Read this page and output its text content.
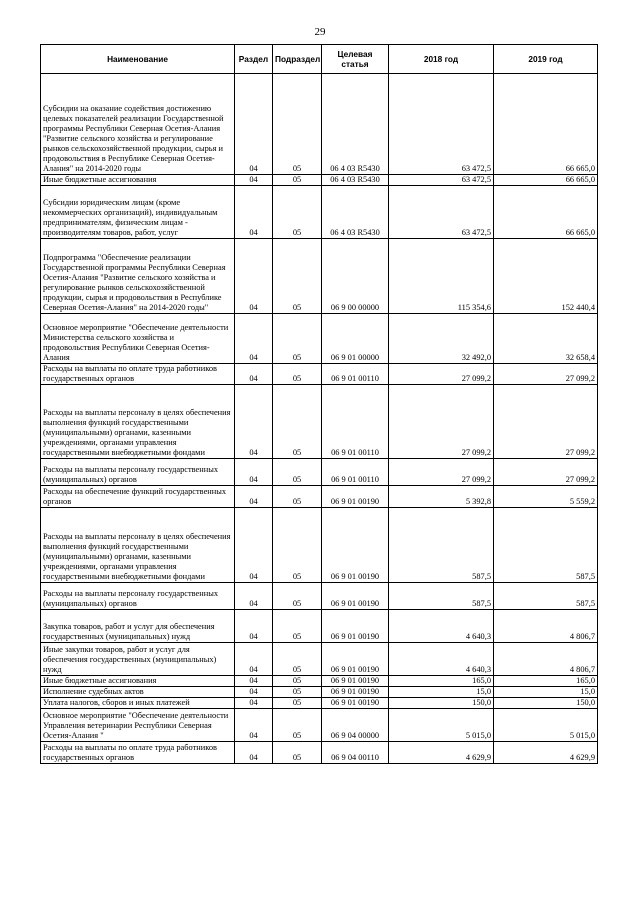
29
Наименование	Раздел	Подраздел	Целевая статья	2018 год	2019 год
Субсидии на оказание содействия достижению целевых показателей реализации Государственной программы Республики Северная Осетия-Алания "Развитие сельского хозяйства и регулирование рынков сельскохозяйственной продукции, сырья и продовольствия в Республике Северная Осетия-Алания" на 2014-2020 годы	04	05	06 4 03 R5430	63 472,5	66 665,0
Иные бюджетные ассигнования	04	05	06 4 03 R5430	63 472,5	66 665,0
Субсидии юридическим лицам (кроме некоммерческих организаций), индивидуальным предпринимателям, физическим лицам - производителям товаров, работ, услуг	04	05	06 4 03 R5430	63 472,5	66 665,0
Подпрограмма "Обеспечение реализации Государственной программы Республики Северная Осетия-Алания "Развитие сельского хозяйства и регулирование рынков сельскохозяйственной продукции, сырья и продовольствия в Республике Северная Осетия-Алания" на 2014-2020 годы"	04	05	06 9 00 00000	115 354,6	152 440,4
Основное мероприятие "Обеспечение деятельности Министерства сельского хозяйства и продовольствия Республики Северная Осетия-Алания	04	05	06 9 01 00000	32 492,0	32 658,4
Расходы на выплаты по оплате труда работников государственных органов	04	05	06 9 01 00110	27 099,2	27 099,2
Расходы на выплаты персоналу в целях обеспечения выполнения функций государственными (муниципальными) органами, казенными учреждениями, органами управления государственными внебюджетными фондами	04	05	06 9 01 00110	27 099,2	27 099,2
Расходы на выплаты персоналу государственных (муниципальных) органов	04	05	06 9 01 00110	27 099,2	27 099,2
Расходы на обеспечение функций государственных органов	04	05	06 9 01 00190	5 392,8	5 559,2
Расходы на выплаты персоналу в целях обеспечения выполнения функций государственными (муниципальными) органами, казенными учреждениями, органами управления государственными внебюджетными фондами	04	05	06 9 01 00190	587,5	587,5
Расходы на выплаты персоналу государственных (муниципальных) органов	04	05	06 9 01 00190	587,5	587,5
Закупка товаров, работ и услуг для обеспечения государственных (муниципальных) нужд	04	05	06 9 01 00190	4 640,3	4 806,7
Иные закупки товаров, работ и услуг для обеспечения государственных (муниципальных) нужд	04	05	06 9 01 00190	4 640,3	4 806,7
Иные бюджетные ассигнования	04	05	06 9 01 00190	165,0	165,0
Исполнение судебных актов	04	05	06 9 01 00190	15,0	15,0
Уплата налогов, сборов и иных платежей	04	05	06 9 01 00190	150,0	150,0
Основное мероприятие "Обеспечение деятельности Управления ветеринарии Республики Северная Осетия-Алания "	04	05	06 9 04 00000	5 015,0	5 015,0
Расходы на выплаты по оплате труда работников государственных органов	04	05	06 9 04 00110	4 629,9	4 629,9
